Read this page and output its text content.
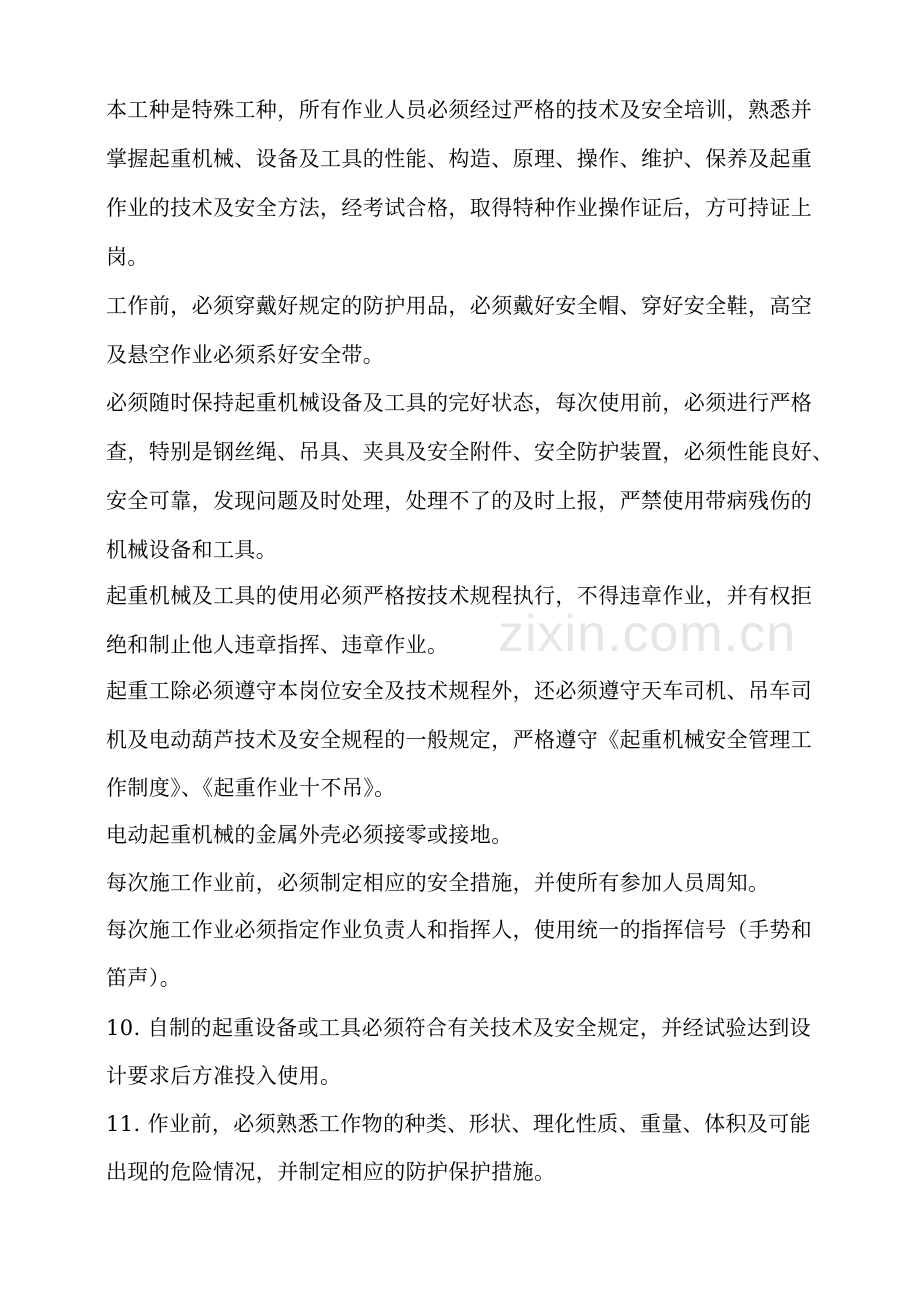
zixin.com.cn
本工种是特殊工种，所有作业人员必须经过严格的技术及安全培训，熟悉并
掌握起重机械、设备及工具的性能、构造、原理、操作、维护、保养及起重
作业的技术及安全方法，经考试合格，取得特种作业操作证后，方可持证上
岗。
工作前，必须穿戴好规定的防护用品，必须戴好安全帽、穿好安全鞋，高空
及悬空作业必须系好安全带。
必须随时保持起重机械设备及工具的完好状态，每次使用前，必须进行严格
查，特别是钢丝绳、吊具、夹具及安全附件、安全防护装置，必须性能良好、
安全可靠，发现问题及时处理，处理不了的及时上报，严禁使用带病残伤的
机械设备和工具。
起重机械及工具的使用必须严格按技术规程执行，不得违章作业，并有权拒
绝和制止他人违章指挥、违章作业。
起重工除必须遵守本岗位安全及技术规程外，还必须遵守天车司机、吊车司
机及电动葫芦技术及安全规程的一般规定，严格遵守《起重机械安全管理工
作制度》、《起重作业十不吊》。
电动起重机械的金属外壳必须接零或接地。
每次施工作业前，必须制定相应的安全措施，并使所有参加人员周知。
每次施工作业必须指定作业负责人和指挥人，使用统一的指挥信号（手势和
笛声）。
10. 自制的起重设备或工具必须符合有关技术及安全规定，并经试验达到设
计要求后方准投入使用。
11. 作业前，必须熟悉工作物的种类、形状、理化性质、重量、体积及可能
出现的危险情况，并制定相应的防护保护措施。
